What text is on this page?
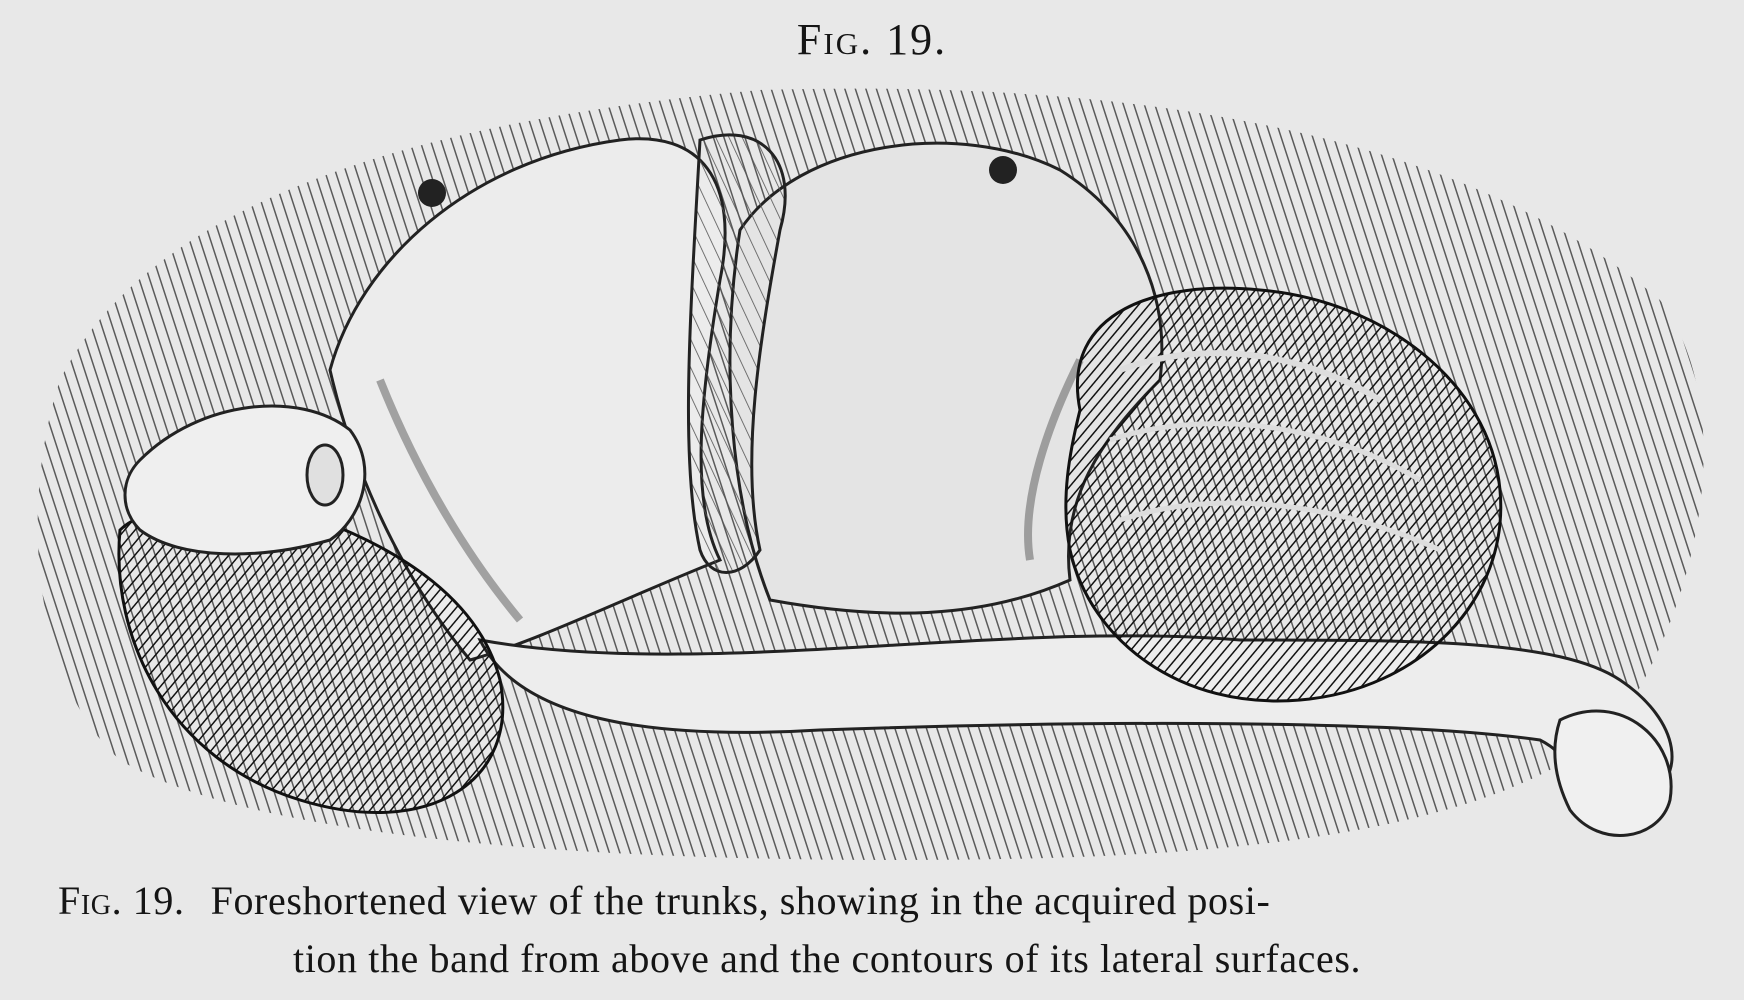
Fig. 19.
Fig. 19. Foreshortened view of the trunks, showing in the acquired posi-
tion the band from above and the contours of its lateral surfaces.
